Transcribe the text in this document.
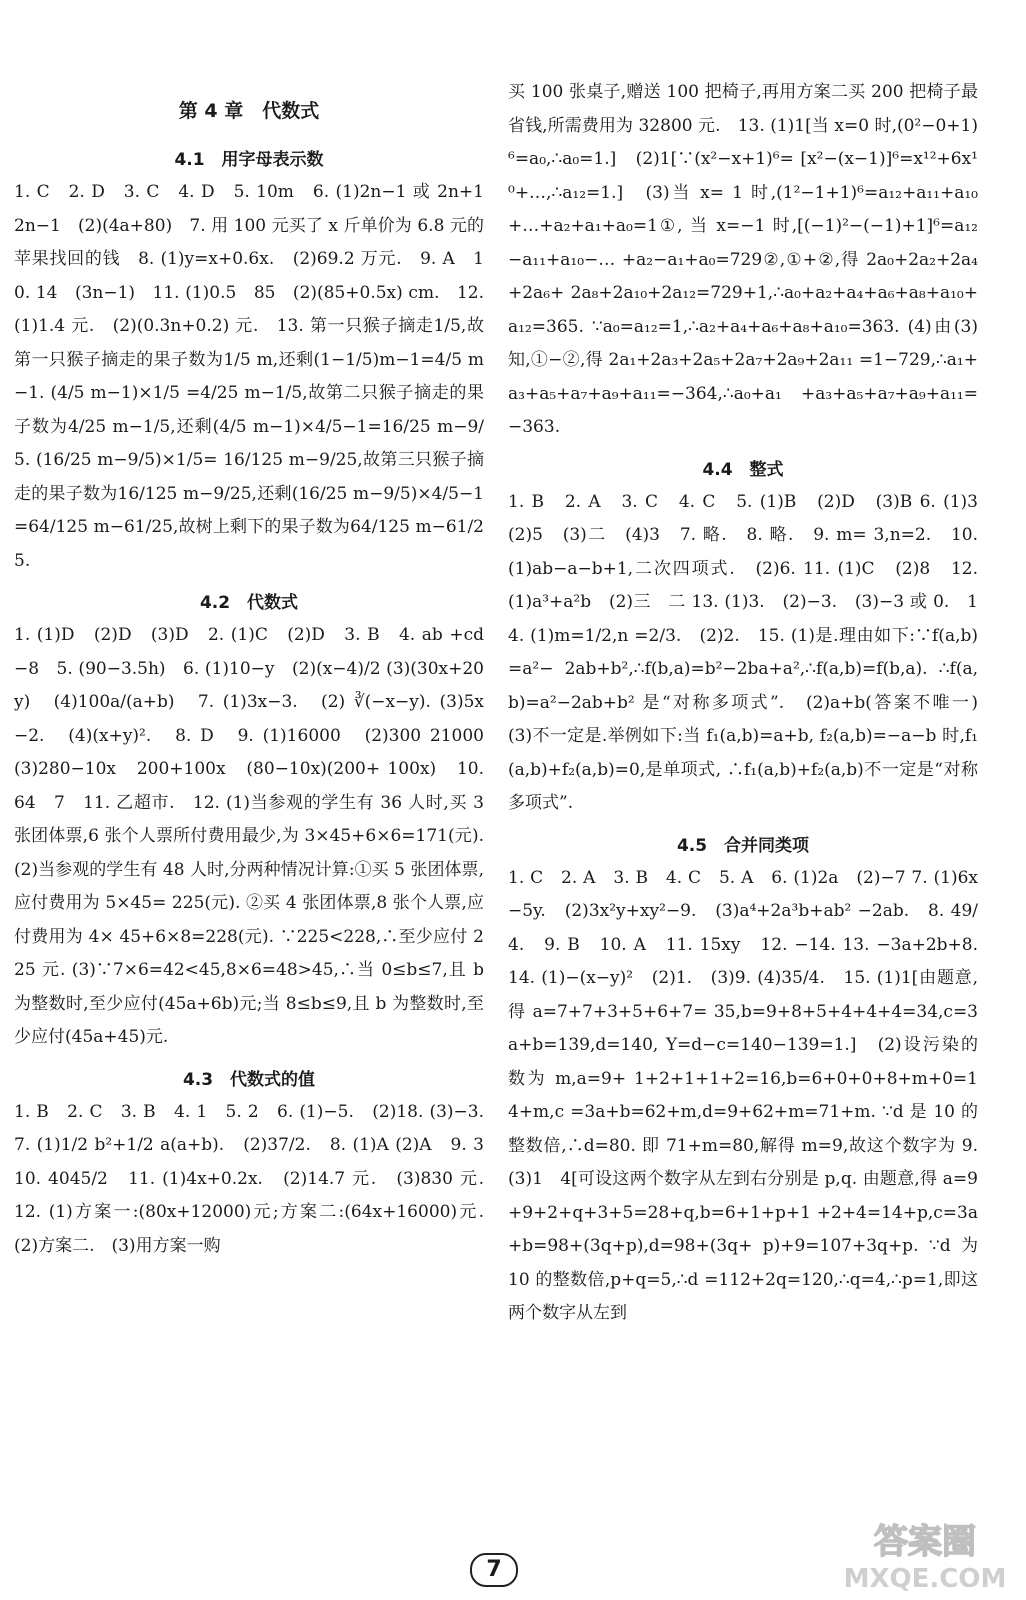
第 4 章　代数式
4.1　用字母表示数

1. C　2. D　3. C　4. D　5. 10m　6. (1)2n−1 或 2n+1　2n−1　(2)(4a+80)　7. 用 100 元买了 x 斤单价为 6.8 元的苹果找回的钱　8. (1)y=x+0.6x.　(2)69.2 万元.　9. A　10. 14　(3n−1)　11. (1)0.5　85　(2)(85+0.5x) cm.　12. (1)1.4 元.　(2)(0.3n+0.2) 元.　13. 第一只猴子摘走1/5,故第一只猴子摘走的果子数为1/5 m,还剩(1−1/5)m−1=4/5 m−1. (4/5 m−1)×1/5 =4/25 m−1/5,故第二只猴子摘走的果子数为4/25 m−1/5,还剩(4/5 m−1)×4/5−1=16/25 m−9/5. (16/25 m−9/5)×1/5= 16/125 m−9/25,故第三只猴子摘走的果子数为16/125 m−9/25,还剩(16/25 m−9/5)×4/5−1=64/125 m−61/25,故树上剩下的果子数为64/125 m−61/25.

4.2　代数式

1. (1)D　(2)D　(3)D　2. (1)C　(2)D　3. B　4. ab +cd−8　5. (90−3.5h)　6. (1)10−y　(2)(x−4)/2 (3)(30x+20y)　(4)100a/(a+b)　7. (1)3x−3.　(2) ∛(−x−y). (3)5x−2.　(4)(x+y)².　8. D　9. (1)16000　(2)300 21000　(3)280−10x　200+100x　(80−10x)(200+ 100x)　10. 64　7　11. 乙超市.　12. (1)当参观的学生有 36 人时,买 3 张团体票,6 张个人票所付费用最少,为 3×45+6×6=171(元).　(2)当参观的学生有 48 人时,分两种情况计算:①买 5 张团体票,应付费用为 5×45= 225(元). ②买 4 张团体票,8 张个人票,应付费用为 4× 45+6×8=228(元). ∵225<228,∴至少应付 225 元. (3)∵7×6=42<45,8×6=48>45,∴当 0≤b≤7,且 b 为整数时,至少应付(45a+6b)元;当 8≤b≤9,且 b 为整数时,至少应付(45a+45)元.

4.3　代数式的值

1. B　2. C　3. B　4. 1　5. 2　6. (1)−5.　(2)18. (3)−3.　7. (1)1/2 b²+1/2 a(a+b).　(2)37/2.　8. (1)A (2)A　9. 3　10. 4045/2　11. (1)4x+0.2x.　(2)14.7 元.　(3)830 元.　12. (1)方案一:(80x+12000)元;方案二:(64x+16000)元.　(2)方案二.　(3)用方案一购

买 100 张桌子,赠送 100 把椅子,再用方案二买 200 把椅子最省钱,所需费用为 32800 元.　13. (1)1[当 x=0 时,(0²−0+1)⁶=a₀,∴a₀=1.]　(2)1[∵(x²−x+1)⁶= [x²−(x−1)]⁶=x¹²+6x¹⁰+…,∴a₁₂=1.]　(3)当 x= 1 时,(1²−1+1)⁶=a₁₂+a₁₁+a₁₀+…+a₂+a₁+a₀=1①, 当 x=−1 时,[(−1)²−(−1)+1]⁶=a₁₂−a₁₁+a₁₀−… +a₂−a₁+a₀=729②,①+②,得 2a₀+2a₂+2a₄+2a₆+ 2a₈+2a₁₀+2a₁₂=729+1,∴a₀+a₂+a₄+a₆+a₈+a₁₀+ a₁₂=365. ∵a₀=a₁₂=1,∴a₂+a₄+a₆+a₈+a₁₀=363. (4)由(3)知,①−②,得 2a₁+2a₃+2a₅+2a₇+2a₉+2a₁₁ =1−729,∴a₁+a₃+a₅+a₇+a₉+a₁₁=−364,∴a₀+a₁ +a₃+a₅+a₇+a₉+a₁₁=−363.

4.4　整式

1. B　2. A　3. C　4. C　5. (1)B　(2)D　(3)B 6. (1)3　(2)5　(3)二　(4)3　7. 略.　8. 略.　9. m= 3,n=2.　10. (1)ab−a−b+1,二次四项式.　(2)6. 11. (1)C　(2)8　12. (1)a³+a²b　(2)三　二 13. (1)3.　(2)−3.　(3)−3 或 0.　14. (1)m=1/2,n =2/3.　(2)2.　15. (1)是.理由如下:∵f(a,b)=a²− 2ab+b²,∴f(b,a)=b²−2ba+a²,∴f(a,b)=f(b,a). ∴f(a,b)=a²−2ab+b² 是“对称多项式”.　(2)a+b(答案不唯一)　(3)不一定是.举例如下:当 f₁(a,b)=a+b, f₂(a,b)=−a−b 时,f₁(a,b)+f₂(a,b)=0,是单项式, ∴f₁(a,b)+f₂(a,b)不一定是“对称多项式”.

4.5　合并同类项

1. C　2. A　3. B　4. C　5. A　6. (1)2a　(2)−7 7. (1)6x−5y.　(2)3x²y+xy²−9.　(3)a⁴+2a³b+ab² −2ab.　8. 49/4.　9. B　10. A　11. 15xy　12. −14. 13. −3a+2b+8.　14. (1)−(x−y)²　(2)1.　(3)9. (4)35/4.　15. (1)1[由题意,得 a=7+7+3+5+6+7= 35,b=9+8+5+4+4+4=34,c=3a+b=139,d=140, Y=d−c=140−139=1.]　(2)设污染的数为 m,a=9+ 1+2+1+1+2=16,b=6+0+0+8+m+0=14+m,c =3a+b=62+m,d=9+62+m=71+m. ∵d 是 10 的整数倍,∴d=80. 即 71+m=80,解得 m=9,故这个数字为 9.　(3)1　4[可设这两个数字从左到右分别是 p,q. 由题意,得 a=9+9+2+q+3+5=28+q,b=6+1+p+1 +2+4=14+p,c=3a+b=98+(3q+p),d=98+(3q+ p)+9=107+3q+p. ∵d 为 10 的整数倍,p+q=5,∴d =112+2q=120,∴q=4,∴p=1,即这两个数字从左到

7
答案圈
MXQE.COM
